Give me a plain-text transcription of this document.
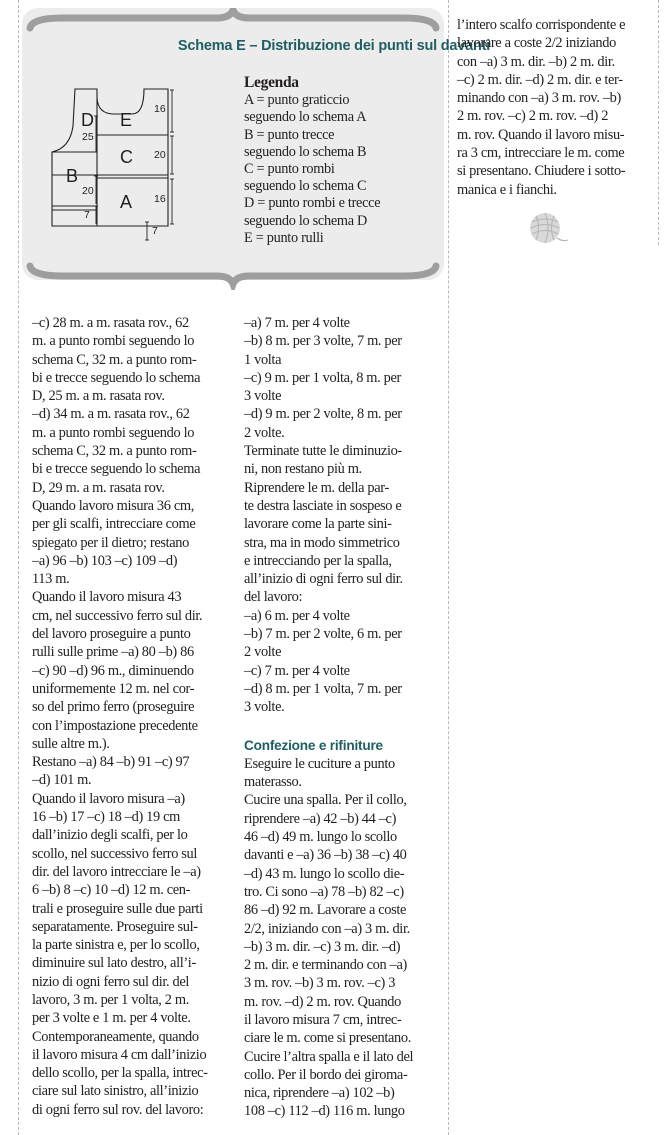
Schema E – Distribuzione dei punti sul davanti
D E
C
B
A
16
20
16
7
25
20
7
Legenda
A = punto graticcio
seguendo lo schema A
B = punto trecce
seguendo lo schema B
C = punto rombi
seguendo lo schema C
D = punto rombi e trecce
seguendo lo schema D
E = punto rulli
–c) 28 m. a m. rasata rov., 62
m. a punto rombi seguendo lo
schema C, 32 m. a punto rom-
bi e trecce seguendo lo schema
D, 25 m. a m. rasata rov.
–d) 34 m. a m. rasata rov., 62
m. a punto rombi seguendo lo
schema C, 32 m. a punto rom-
bi e trecce seguendo lo schema
D, 29 m. a m. rasata rov.
Quando lavoro misura 36 cm,
per gli scalfi, intrecciare come
spiegato per il dietro; restano
–a) 96 –b) 103 –c) 109 –d)
113 m.
Quando il lavoro misura 43
cm, nel successivo ferro sul dir.
del lavoro proseguire a punto
rulli sulle prime –a) 80 –b) 86
–c) 90 –d) 96 m., diminuendo
uniformemente 12 m. nel cor-
so del primo ferro (proseguire
con l’impostazione precedente
sulle altre m.).
Restano –a) 84 –b) 91 –c) 97
–d) 101 m.
Quando il lavoro misura –a)
16 –b) 17 –c) 18 –d) 19 cm
dall’inizio degli scalfi, per lo
scollo, nel successivo ferro sul
dir. del lavoro intrecciare le –a)
6 –b) 8 –c) 10 –d) 12 m. cen-
trali e proseguire sulle due parti
separatamente. Proseguire sul-
la parte sinistra e, per lo scollo,
diminuire sul lato destro, all’i-
nizio di ogni ferro sul dir. del
lavoro, 3 m. per 1 volta, 2 m.
per 3 volte e 1 m. per 4 volte.
Contemporaneamente, quando
il lavoro misura 4 cm dall’inizio
dello scollo, per la spalla, intrec-
ciare sul lato sinistro, all’inizio
di ogni ferro sul rov. del lavoro:
–a) 7 m. per 4 volte
–b) 8 m. per 3 volte, 7 m. per
1 volta
–c) 9 m. per 1 volta, 8 m. per
3 volte
–d) 9 m. per 2 volte, 8 m. per
2 volte.
Terminate tutte le diminuzio-
ni, non restano più m.
Riprendere le m. della par-
te destra lasciate in sospeso e
lavorare come la parte sini-
stra, ma in modo simmetrico
e intrecciando per la spalla,
all’inizio di ogni ferro sul dir.
del lavoro:
–a) 6 m. per 4 volte
–b) 7 m. per 2 volte, 6 m. per
2 volte
–c) 7 m. per 4 volte
–d) 8 m. per 1 volta, 7 m. per
3 volte.
Confezione e rifiniture
Eseguire le cuciture a punto
materasso.
Cucire una spalla. Per il collo,
riprendere –a) 42 –b) 44 –c)
46 –d) 49 m. lungo lo scollo
davanti e –a) 36 –b) 38 –c) 40
–d) 43 m. lungo lo scollo die-
tro. Ci sono –a) 78 –b) 82 –c)
86 –d) 92 m. Lavorare a coste
2/2, iniziando con –a) 3 m. dir.
–b) 3 m. dir. –c) 3 m. dir. –d)
2 m. dir. e terminando con –a)
3 m. rov. –b) 3 m. rov. –c) 3
m. rov. –d) 2 m. rov. Quando
il lavoro misura 7 cm, intrec-
ciare le m. come si presentano.
Cucire l’altra spalla e il lato del
collo. Per il bordo dei giroma-
nica, riprendere –a) 102 –b)
108 –c) 112 –d) 116 m. lungo
l’intero scalfo corrispondente e
lavorare a coste 2/2 iniziando
con –a) 3 m. dir. –b) 2 m. dir.
–c) 2 m. dir. –d) 2 m. dir. e ter-
minando con –a) 3 m. rov. –b)
2 m. rov. –c) 2 m. rov. –d) 2
m. rov. Quando il lavoro misu-
ra 3 cm, intrecciare le m. come
si presentano. Chiudere i sotto-
manica e i fianchi.
